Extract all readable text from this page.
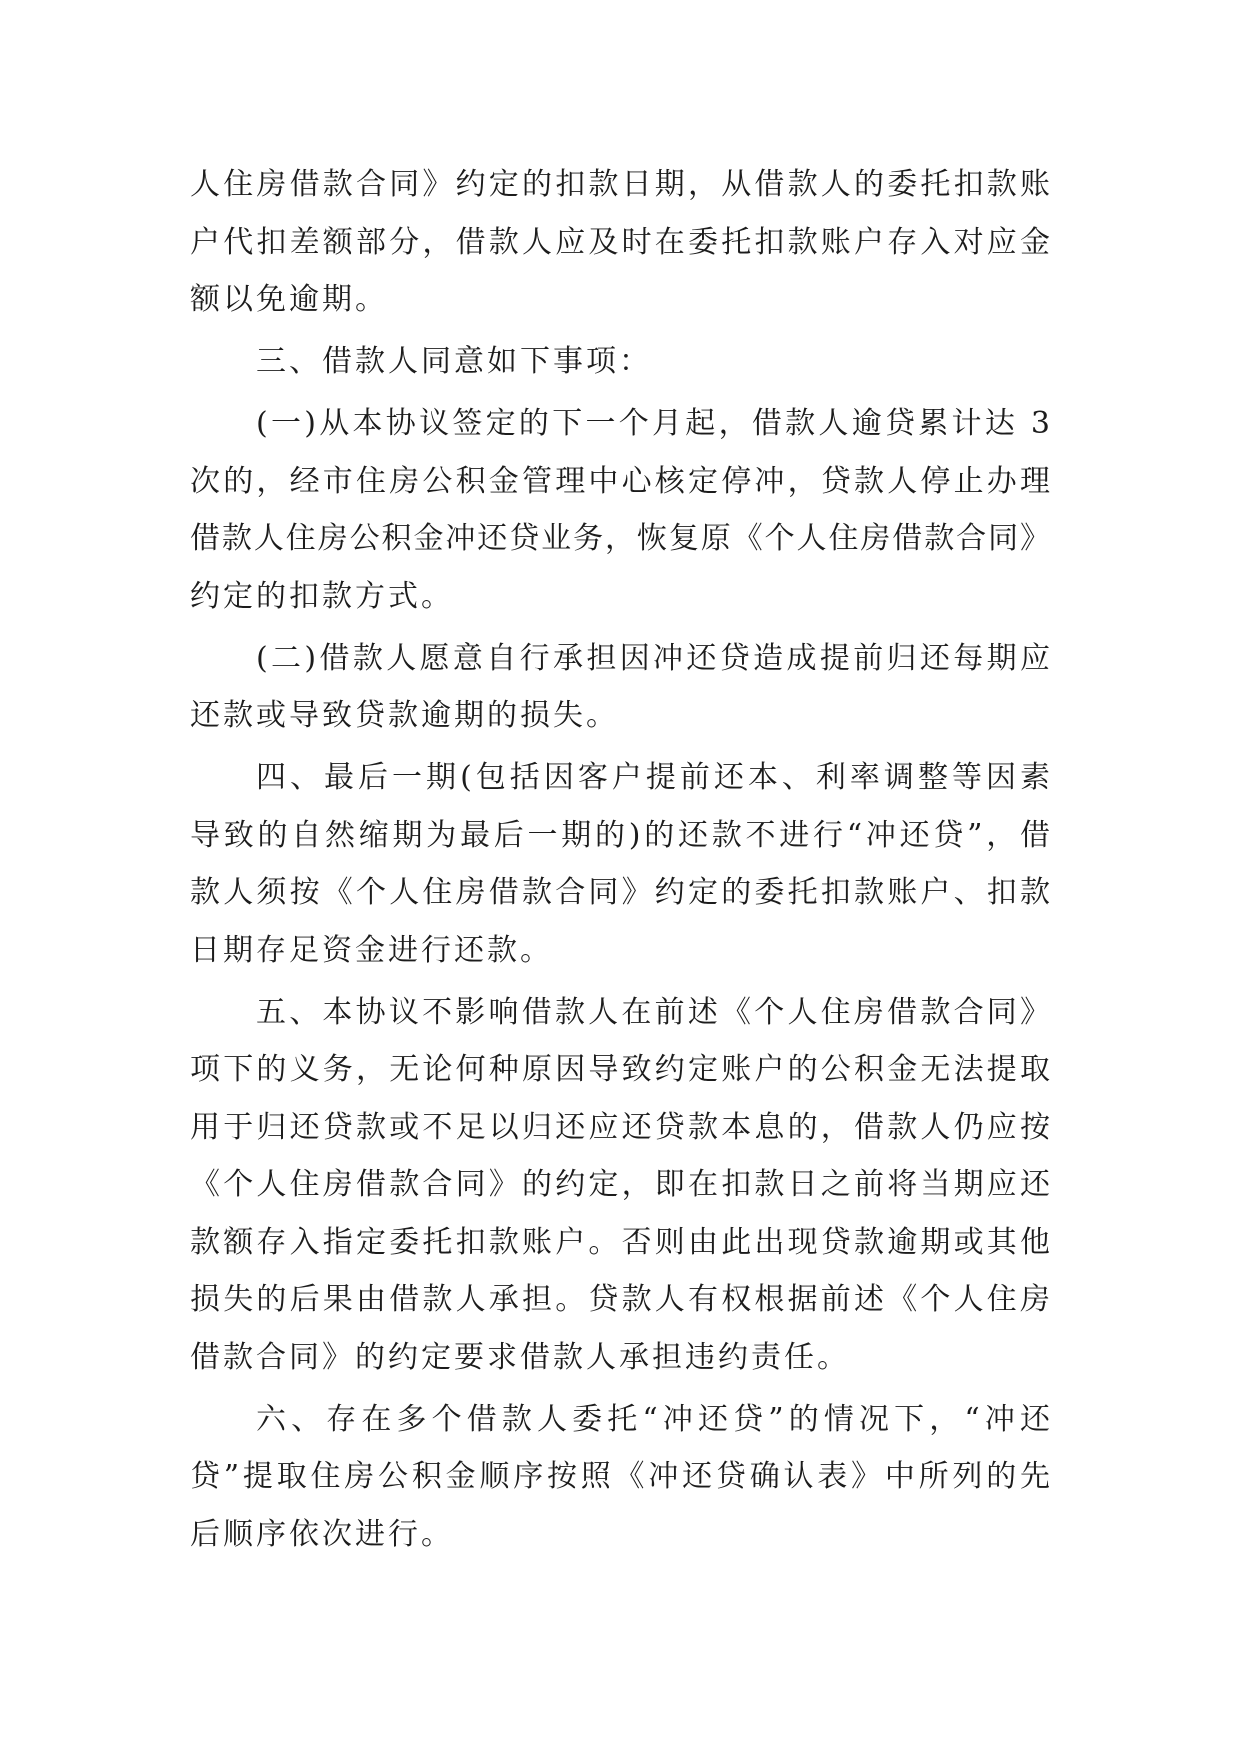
人住房借款合同》约定的扣款日期，从借款人的委托扣款账
户代扣差额部分，借款人应及时在委托扣款账户存入对应金
额以免逾期。
三、借款人同意如下事项：
(一)从本协议签定的下一个月起，借款人逾贷累计达 3
次的，经市住房公积金管理中心核定停冲，贷款人停止办理
借款人住房公积金冲还贷业务，恢复原《个人住房借款合同》
约定的扣款方式。
(二)借款人愿意自行承担因冲还贷造成提前归还每期应
还款或导致贷款逾期的损失。
四、最后一期(包括因客户提前还本、利率调整等因素
导致的自然缩期为最后一期的)的还款不进行“冲还贷”，借
款人须按《个人住房借款合同》约定的委托扣款账户、扣款
日期存足资金进行还款。
五、本协议不影响借款人在前述《个人住房借款合同》
项下的义务，无论何种原因导致约定账户的公积金无法提取
用于归还贷款或不足以归还应还贷款本息的，借款人仍应按
《个人住房借款合同》的约定，即在扣款日之前将当期应还
款额存入指定委托扣款账户。否则由此出现贷款逾期或其他
损失的后果由借款人承担。贷款人有权根据前述《个人住房
借款合同》的约定要求借款人承担违约责任。
六、存在多个借款人委托“冲还贷”的情况下，“冲还
贷”提取住房公积金顺序按照《冲还贷确认表》中所列的先
后顺序依次进行。
